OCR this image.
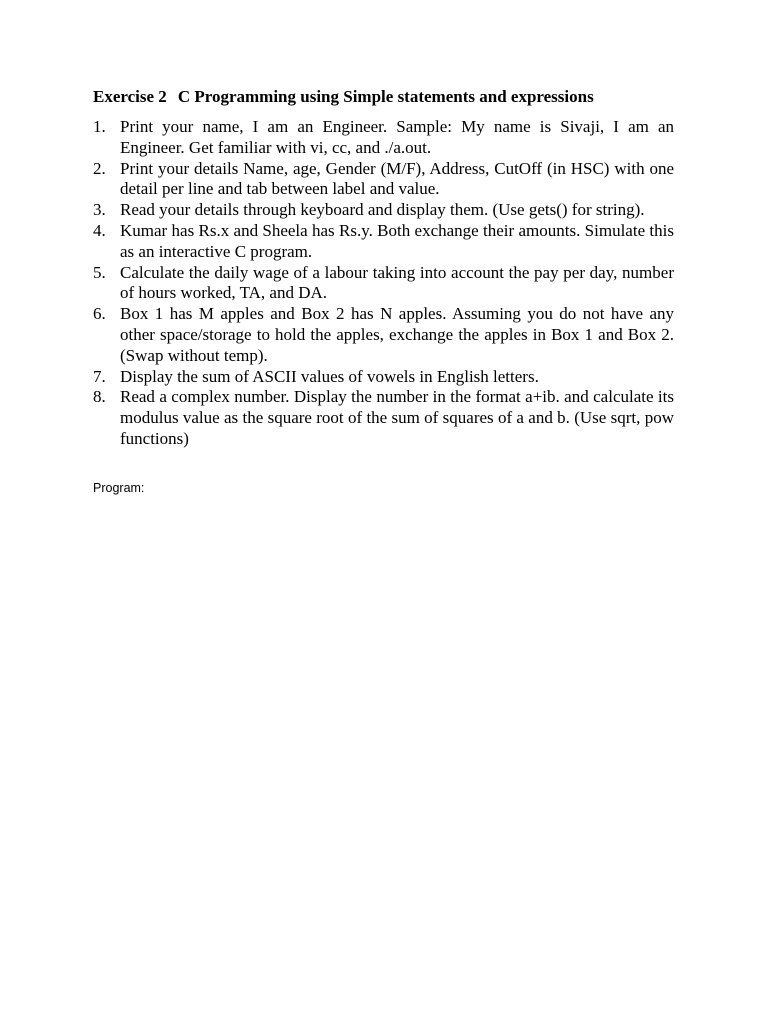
Exercise 2 C Programming using Simple statements and expressions
1. Print your name, I am an Engineer. Sample: My name is Sivaji, I am an Engineer. Get familiar with vi, cc, and ./a.out.
2. Print your details Name, age, Gender (M/F), Address, CutOff (in HSC) with one detail per line and tab between label and value.
3. Read your details through keyboard and display them. (Use gets() for string).
4. Kumar has Rs.x and Sheela has Rs.y. Both exchange their amounts. Simulate this as an interactive C program.
5. Calculate the daily wage of a labour taking into account the pay per day, number of hours worked, TA, and DA.
6. Box 1 has M apples and Box 2 has N apples. Assuming you do not have any other space/storage to hold the apples, exchange the apples in Box 1 and Box 2. (Swap without temp).
7. Display the sum of ASCII values of vowels in English letters.
8. Read a complex number. Display the number in the format a+ib. and calculate its modulus value as the square root of the sum of squares of a and b. (Use sqrt, pow functions)
Program:
